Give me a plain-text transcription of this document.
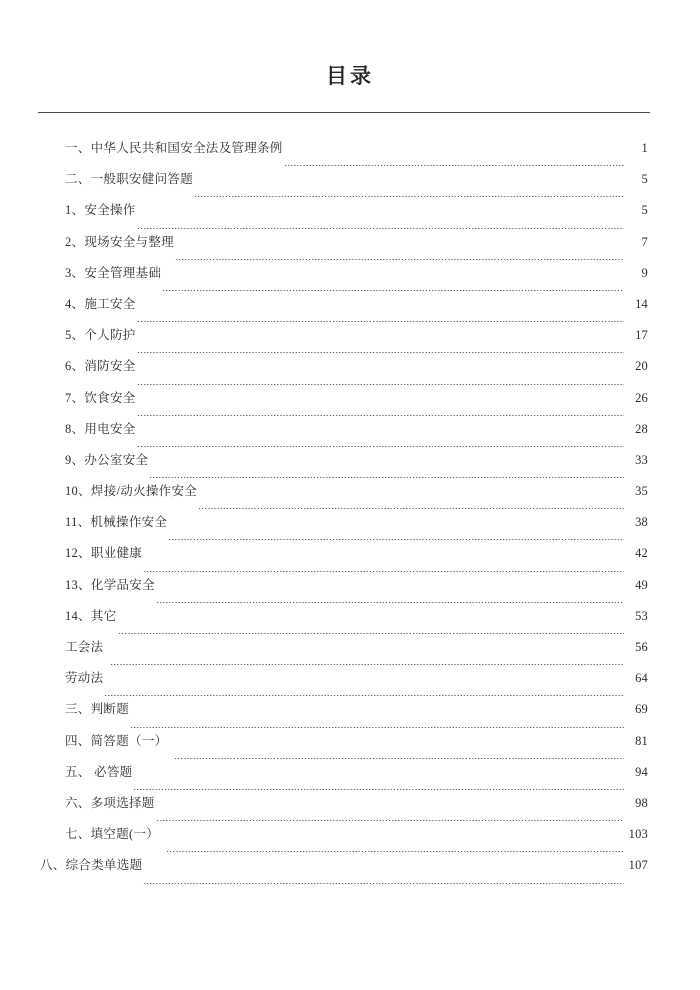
目录
一、中华人民共和国安全法及管理条例	1
二、一般职安健问答题	5
1、安全操作	5
2、现场安全与整理	7
3、安全管理基础	9
4、施工安全	14
5、个人防护	17
6、消防安全	20
7、饮食安全	26
8、用电安全	28
9、办公室安全	33
10、焊接/动火操作安全	35
11、机械操作安全	38
12、职业健康	42
13、化学品安全	49
14、其它	53
工会法	56
劳动法	64
三、判断题	69
四、简答题（一）	81
五、 必答题	94
六、多项选择题	98
七、填空题(一）	103
八、综合类单选题	107
